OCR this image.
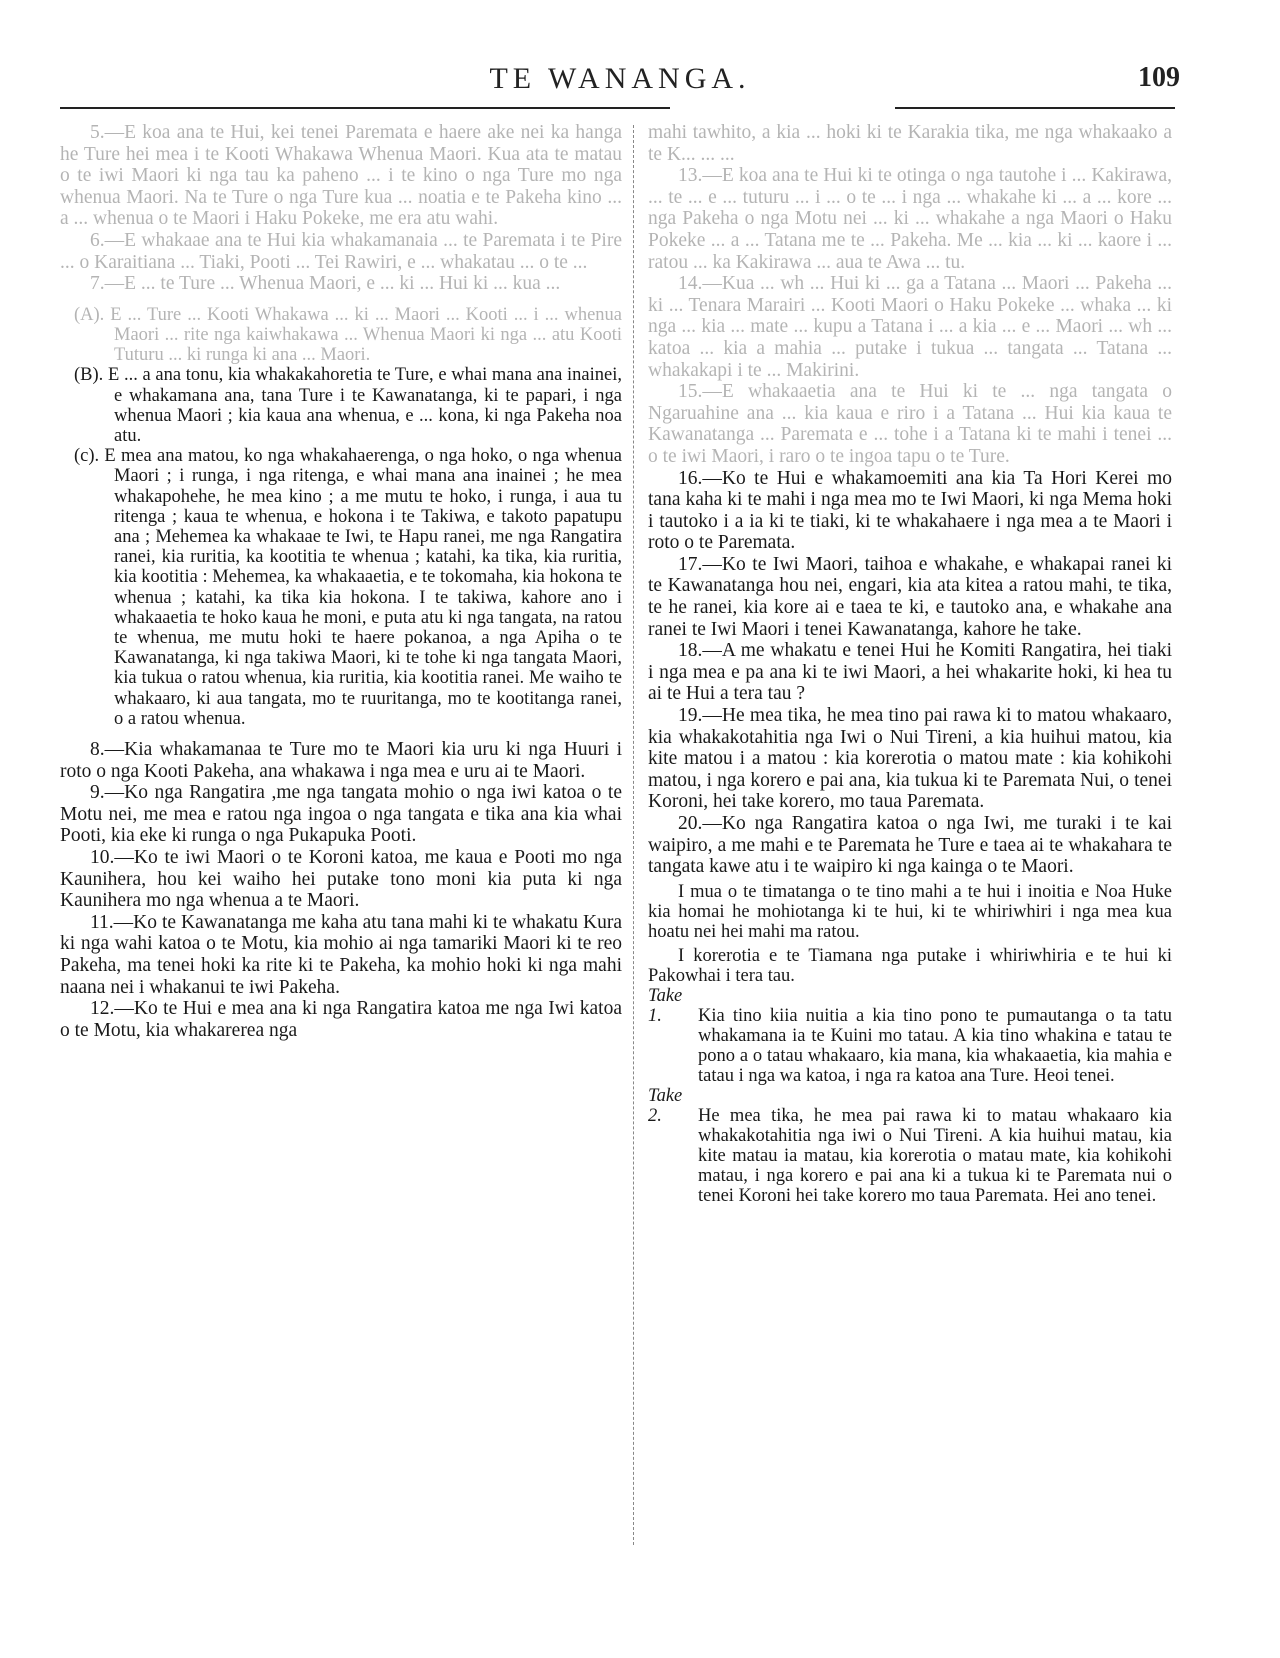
TE WANANGA.	109

5.—E koa ana te Hui, kei tenei Paremata e haere ake nei ka hanga he Ture hei mea i te Kooti Whakawa Whenua Maori. Kua ata te matau o te iwi Maori ki nga tau ka paheno ... i te kino o nga Ture mo nga whenua Maori. Na te Ture o nga Ture kua ... noatia e te Pakeha kino ... a ... whenua o te Maori i Haku Pokeke, me era atu wahi.

6.—E whakaae ana te Hui kia whakamanaia ... te Paremata i te Pire ... o Karaitiana ... Tiaki, Pooti ... Tei Rawiri, e ... whakatau ... o te ...

7.—E ... te Ture ... Whenua Maori, e ... ki ... Hui ki ... kua ...

(A). E ... Ture ... Kooti Whakawa ... ki ... Maori ... Kooti ... i ... whenua Maori ... rite nga kaiwhakawa ... Whenua Maori ki nga ... atu Kooti Tuturu ... ki runga ki ana ... Maori.

(B). E ... a ana tonu, kia whakakahoretia te Ture, e whai mana ana inainei, e whakamana ana, tana Ture i te Kawanatanga, ki te papari, i nga whenua Maori ; kia kaua ana whenua, e ... kona, ki nga Pakeha noa atu.

(c). E mea ana matou, ko nga whakahaerenga, o nga hoko, o nga whenua Maori ; i runga, i nga ritenga, e whai mana ana inainei ; he mea whakapohehe, he mea kino ; a me mutu te hoko, i runga, i aua tu ritenga ; kaua te whenua, e hokona i te Takiwa, e takoto papatupu ana ; Mehemea ka whakaae te Iwi, te Hapu ranei, me nga Rangatira ranei, kia ruritia, ka kootitia te whenua ; katahi, ka tika, kia ruritia, kia kootitia : Mehemea, ka whakaaetia, e te tokomaha, kia hokona te whenua ; katahi, ka tika kia hokona. I te takiwa, kahore ano i whakaaetia te hoko kaua he moni, e puta atu ki nga tangata, na ratou te whenua, me mutu hoki te haere pokanoa, a nga Apiha o te Kawanatanga, ki nga takiwa Maori, ki te tohe ki nga tangata Maori, kia tukua o ratou whenua, kia ruritia, kia kootitia ranei. Me waiho te whakaaro, ki aua tangata, mo te ruuritanga, mo te kootitanga ranei, o a ratou whenua.

8.—Kia whakamanaa te Ture mo te Maori kia uru ki nga Huuri i roto o nga Kooti Pakeha, ana whakawa i nga mea e uru ai te Maori.

9.—Ko nga Rangatira ,me nga tangata mohio o nga iwi katoa o te Motu nei, me mea e ratou nga ingoa o nga tangata e tika ana kia whai Pooti, kia eke ki runga o nga Pukapuka Pooti.

10.—Ko te iwi Maori o te Koroni katoa, me kaua e Pooti mo nga Kaunihera, hou kei waiho hei putake tono moni kia puta ki nga Kaunihera mo nga whenua a te Maori.

11.—Ko te Kawanatanga me kaha atu tana mahi ki te whakatu Kura ki nga wahi katoa o te Motu, kia mohio ai nga tamariki Maori ki te reo Pakeha, ma tenei hoki ka rite ki te Pakeha, ka mohio hoki ki nga mahi naana nei i whakanui te iwi Pakeha.

12.—Ko te Hui e mea ana ki nga Rangatira katoa me nga Iwi katoa o te Motu, kia whakarerea nga

mahi tawhito, a kia ... hoki ki te Karakia tika, me nga whakaako a te K... ... ...

13.—E koa ana te Hui ki te otinga o nga tautohe i ... Kakirawa, ... te ... e ... tuturu ... i ... o te ... i nga ... whakahe ki ... a ... kore ... nga Pakeha o nga Motu nei ... ki ... whakahe a nga Maori o Haku Pokeke ... a ... Tatana me te ... Pakeha. Me ... kia ... ki ... kaore i ... ratou ... ka Kakirawa ... aua te Awa ... tu.

14.—Kua ... wh ... Hui ki ... ga a Tatana ... Maori ... Pakeha ... ki ... Tenara Marairi ... Kooti Maori o Haku Pokeke ... whaka ... ki nga ... kia ... mate ... kupu a Tatana i ... a kia ... e ... Maori ... wh ... katoa ... kia a mahia ... putake i tukua ... tangata ... Tatana ... whakakapi i te ... Makirini.

15.—E whakaaetia ana te Hui ki te ... nga tangata o Ngaruahine ana ... kia kaua e riro i a Tatana ... Hui kia kaua te Kawanatanga ... Paremata e ... tohe i a Tatana ki te mahi i tenei ... o te iwi Maori, i raro o te ingoa tapu o te Ture.

16.—Ko te Hui e whakamoemiti ana kia Ta Hori Kerei mo tana kaha ki te mahi i nga mea mo te Iwi Maori, ki nga Mema hoki i tautoko i a ia ki te tiaki, ki te whakahaere i nga mea a te Maori i roto o te Paremata.

17.—Ko te Iwi Maori, taihoa e whakahe, e whakapai ranei ki te Kawanatanga hou nei, engari, kia ata kitea a ratou mahi, te tika, te he ranei, kia kore ai e taea te ki, e tautoko ana, e whakahe ana ranei te Iwi Maori i tenei Kawanatanga, kahore he take.

18.—A me whakatu e tenei Hui he Komiti Rangatira, hei tiaki i nga mea e pa ana ki te iwi Maori, a hei whakarite hoki, ki hea tu ai te Hui a tera tau ?

19.—He mea tika, he mea tino pai rawa ki to matou whakaaro, kia whakakotahitia nga Iwi o Nui Tireni, a kia huihui matou, kia kite matou i a matou : kia korerotia o matou mate : kia kohikohi matou, i nga korero e pai ana, kia tukua ki te Paremata Nui, o tenei Koroni, hei take korero, mo taua Paremata.

20.—Ko nga Rangatira katoa o nga Iwi, me turaki i te kai waipiro, a me mahi e te Paremata he Ture e taea ai te whakahara te tangata kawe atu i te waipiro ki nga kainga o te Maori.

I mua o te timatanga o te tino mahi a te hui i inoitia e Noa Huke kia homai he mohiotanga ki te hui, ki te whiriwhiri i nga mea kua hoatu nei hei mahi ma ratou.

I korerotia e te Tiamana nga putake i whiriwhiria e te hui ki Pakowhai i tera tau.

Take 1. Kia tino kiia nuitia a kia tino pono te pumautanga o ta tatu whakamana ia te Kuini mo tatau. A kia tino whakina e tatau te pono a o tatau whakaaro, kia mana, kia whakaaetia, kia mahia e tatau i nga wa katoa, i nga ra katoa ana Ture. Heoi tenei.

Take 2. He mea tika, he mea pai rawa ki to matau whakaaro kia whakakotahitia nga iwi o Nui Tireni. A kia huihui matau, kia kite matau ia matau, kia korerotia o matau mate, kia kohikohi matau, i nga korero e pai ana ki a tukua ki te Paremata nui o tenei Koroni hei take korero mo taua Paremata. Hei ano tenei.
